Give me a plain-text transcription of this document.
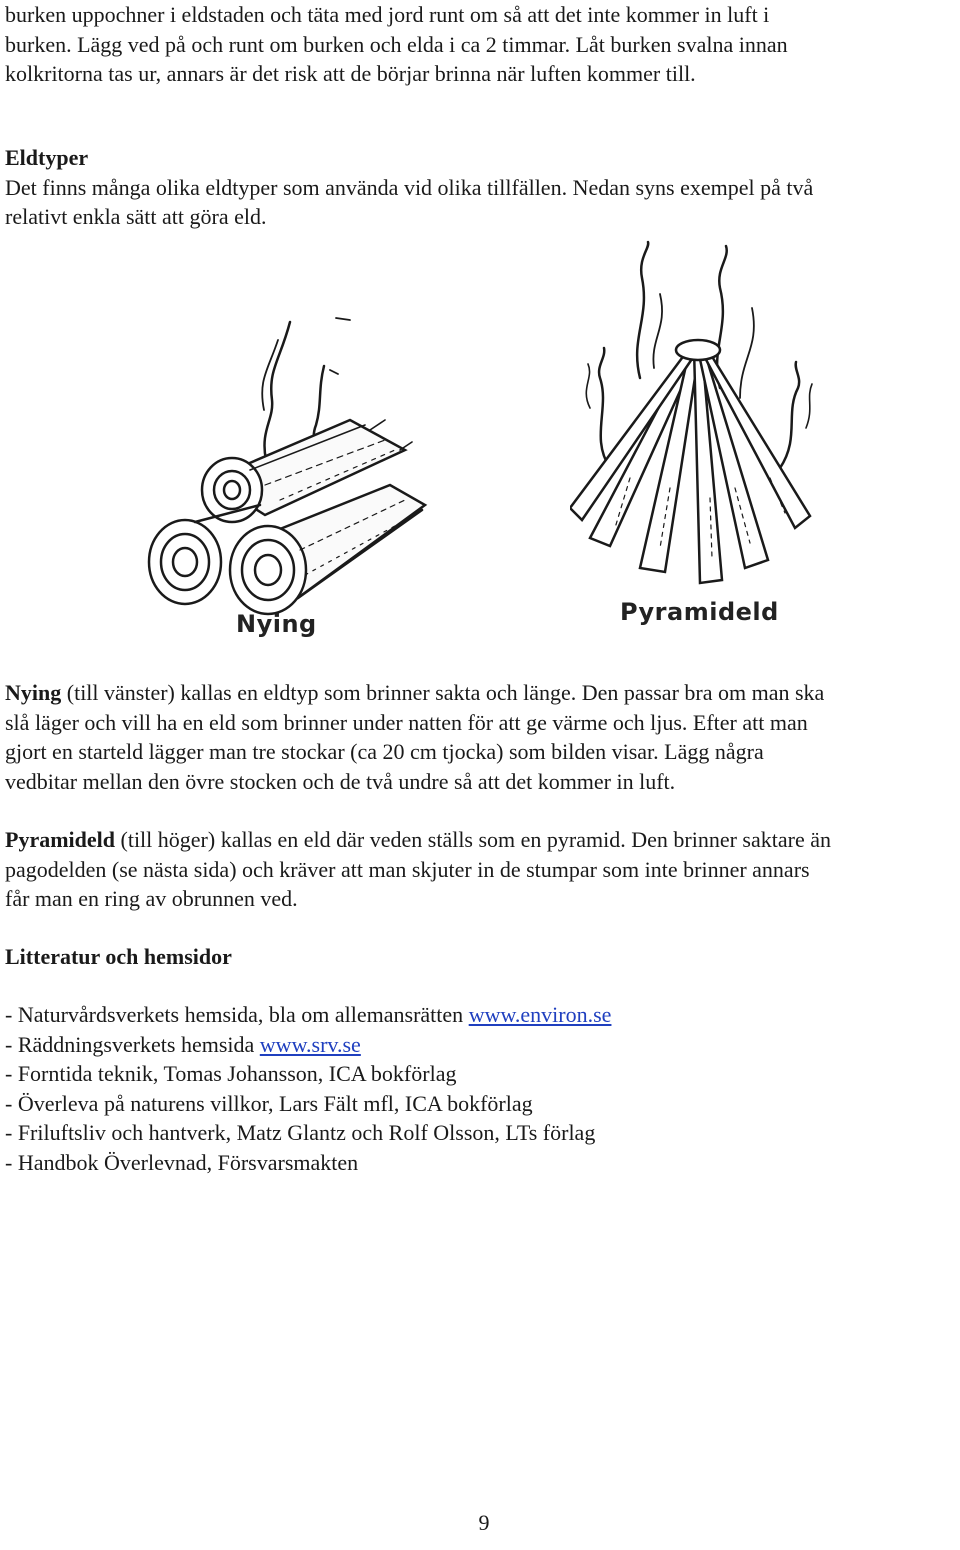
burken uppochner i eldstaden och täta med jord runt om så att det inte kommer in luft i
burken. Lägg ved på och runt om burken och elda i ca 2 timmar. Låt burken svalna innan
kolkritorna tas ur, annars är det risk att de börjar brinna när luften kommer till.

Eldtyper
Det finns många olika eldtyper som använda vid olika tillfällen. Nedan syns exempel på två
relativt enkla sätt att göra eld.

Nying	Pyramideld

Nying (till vänster) kallas en eldtyp som brinner sakta och länge. Den passar bra om man ska
slå läger och vill ha en eld som brinner under natten för att ge värme och ljus. Efter att man
gjort en starteld lägger man tre stockar (ca 20 cm tjocka) som bilden visar. Lägg några
vedbitar mellan den övre stocken och de två undre så att det kommer in luft.

Pyramideld (till höger) kallas en eld där veden ställs som en pyramid. Den brinner saktare än
pagodelden (se nästa sida) och kräver att man skjuter in de stumpar som inte brinner annars
får man en ring av obrunnen ved.

Litteratur och hemsidor

- Naturvårdsverkets hemsida, bla om allemansrätten www.environ.se

- Räddningsverkets hemsida www.srv.se

- Forntida teknik, Tomas Johansson, ICA bokförlag

- Överleva på naturens villkor, Lars Fält mfl, ICA bokförlag

- Friluftsliv och hantverk, Matz Glantz och Rolf Olsson, LTs förlag

- Handbok Överlevnad, Försvarsmakten

9
